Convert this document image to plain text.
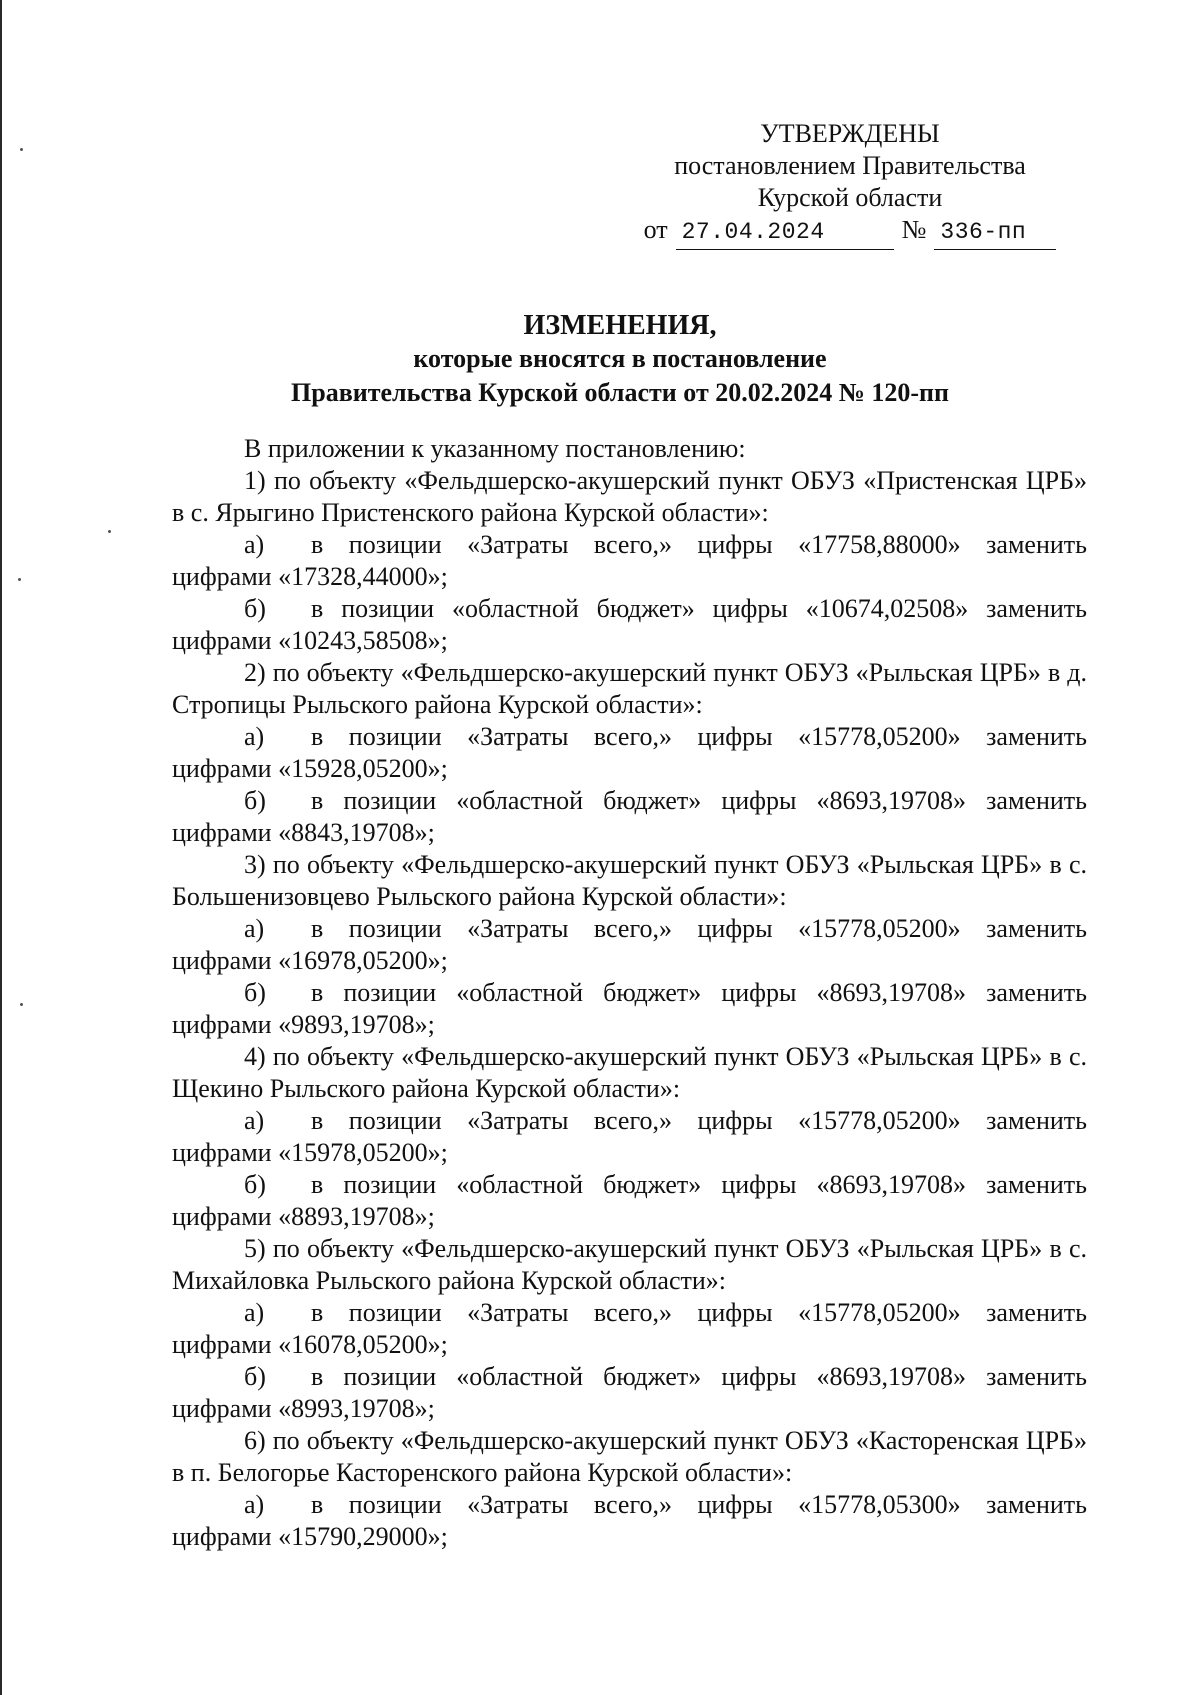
УТВЕРЖДЕНЫ
постановлением Правительства
Курской области
от 27.04.2024	№ 336-пп
ИЗМЕНЕНИЯ,
которые вносятся в постановление
Правительства Курской области от 20.02.2024 № 120-пп

В приложении к указанному постановлению:

1) по объекту «Фельдшерско-акушерский пункт ОБУЗ «Пристенская ЦРБ» в с. Ярыгино Пристенского района Курской области»:

а)	в позиции «Затраты всего,» цифры «17758,88000» заменить
цифрами «17328,44000»;
б)	в позиции «областной бюджет» цифры «10674,02508» заменить
цифрами «10243,58508»;

2) по объекту «Фельдшерско-акушерский пункт ОБУЗ «Рыльская ЦРБ» в д. Стропицы Рыльского района Курской области»:

а)	в позиции «Затраты всего,» цифры «15778,05200» заменить
цифрами «15928,05200»;
б)	в позиции «областной бюджет» цифры «8693,19708» заменить
цифрами «8843,19708»;

3) по объекту «Фельдшерско-акушерский пункт ОБУЗ «Рыльская ЦРБ» в с. Большенизовцево Рыльского района Курской области»:

а)	в позиции «Затраты всего,» цифры «15778,05200» заменить
цифрами «16978,05200»;
б)	в позиции «областной бюджет» цифры «8693,19708» заменить
цифрами «9893,19708»;

4) по объекту «Фельдшерско-акушерский пункт ОБУЗ «Рыльская ЦРБ» в с. Щекино Рыльского района Курской области»:

а)	в позиции «Затраты всего,» цифры «15778,05200» заменить
цифрами «15978,05200»;
б)	в позиции «областной бюджет» цифры «8693,19708» заменить
цифрами «8893,19708»;

5) по объекту «Фельдшерско-акушерский пункт ОБУЗ «Рыльская ЦРБ» в с. Михайловка Рыльского района Курской области»:

а)	в позиции «Затраты всего,» цифры «15778,05200» заменить
цифрами «16078,05200»;
б)	в позиции «областной бюджет» цифры «8693,19708» заменить
цифрами «8993,19708»;

6) по объекту «Фельдшерско-акушерский пункт ОБУЗ «Касторенская ЦРБ» в п. Белогорье Касторенского района Курской области»:

а)	в позиции «Затраты всего,» цифры «15778,05300» заменить
цифрами «15790,29000»;
